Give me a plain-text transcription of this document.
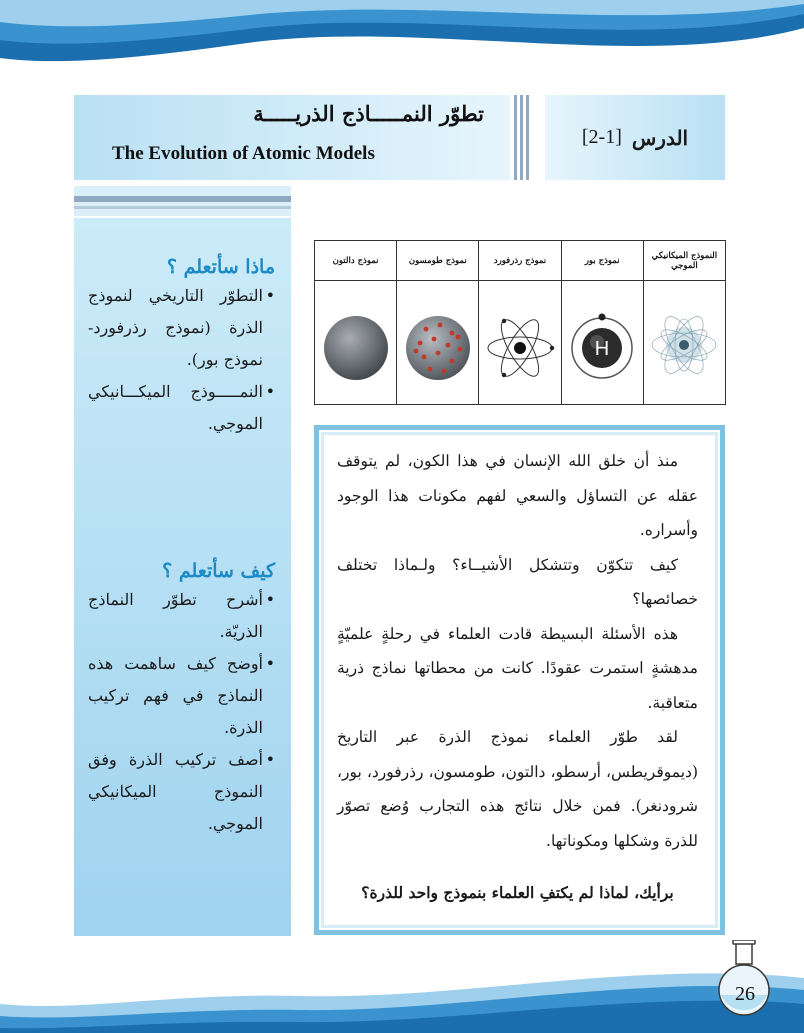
تطوّر النمـــــاذج الذريـــــة
The Evolution of Atomic Models
الدرس
[2-1]
ماذا سأتعلم ؟
• التطوّر التاريخي لنموذج الذرة (نموذج رذرفورد- نموذج بور).
• النمـــــوذج الميكـــانيكي الموجي.
كيف سأتعلم ؟
• أشرح تطوّر النماذج الذريّة.
• أوضح كيف ساهمت هذه النماذج في فهم تركيب الذرة.
• أصف تركيب الذرة وفق النموذج الميكانيكي الموجي.
النموذج الميكانيكي الموجي
نموذج بور
H
نموذج رذرفورد
نموذج طومسون
نموذج دالتون

منذ أن خلق الله الإنسان في هذا الكون، لم يتوقف عقله عن التساؤل والسعي لفهم مكونات هذا الوجود وأسراره.

كيف تتكوّن وتتشكل الأشيــاء؟ ولـماذا تختلف خصائصها؟

هذه الأسئلة البسيطة قادت العلماء في رحلةٍ علميّةٍ مدهشةٍ استمرت عقودًا. كانت من محطاتها نماذج ذرية متعاقبة.

لقد طوّر العلماء نموذج الذرة عبر التاريخ (ديموقريطس، أرسطو، دالتون، طومسون، رذرفورد، بور، شرودنغر). فمن خلال نتائج هذه التجارب وُضع تصوّر للذرة وشكلها ومكوناتها.

برأيك، لماذا لم يكتفِ العلماء بنموذج واحد للذرة؟

26
